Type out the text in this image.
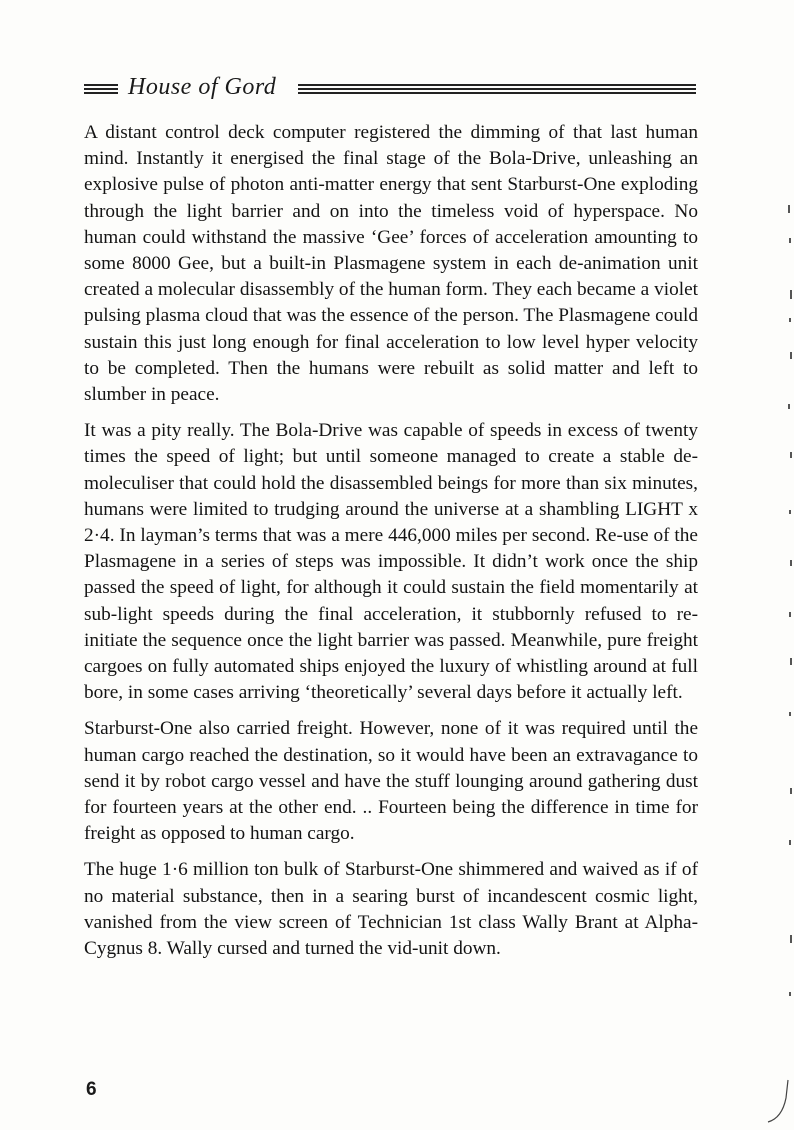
House of Gord

A distant control deck computer registered the dimming of that last human mind. Instantly it energised the final stage of the Bola-Drive, unleashing an explosive pulse of photon anti-matter energy that sent Starburst-One exploding through the light barrier and on into the timeless void of hyperspace. No human could withstand the massive ‘Gee’ forces of acceleration amounting to some 8000 Gee, but a built-in Plasmagene system in each de-animation unit created a molecular disassembly of the human form. They each became a violet pulsing plasma cloud that was the essence of the person. The Plasmagene could sustain this just long enough for final acceleration to low level hyper velocity to be completed. Then the humans were rebuilt as solid matter and left to slumber in peace.

It was a pity really. The Bola-Drive was capable of speeds in excess of twenty times the speed of light; but until someone managed to create a stable de-moleculiser that could hold the disassembled beings for more than six minutes, humans were limited to trudging around the universe at a shambling LIGHT x 2·4. In layman’s terms that was a mere 446,000 miles per second. Re-use of the Plasmagene in a series of steps was impossible. It didn’t work once the ship passed the speed of light, for although it could sustain the field momentarily at sub-light speeds during the final acceleration, it stubbornly refused to re-initiate the sequence once the light barrier was passed. Meanwhile, pure freight cargoes on fully automated ships enjoyed the luxury of whistling around at full bore, in some cases arriving ‘theoretically’ several days before it actually left.

Starburst-One also carried freight. However, none of it was required until the human cargo reached the destination, so it would have been an extravagance to send it by robot cargo vessel and have the stuff lounging around gathering dust for fourteen years at the other end. .. Fourteen being the difference in time for freight as opposed to human cargo.

The huge 1·6 million ton bulk of Starburst-One shimmered and waived as if of no material substance, then in a searing burst of incandescent cosmic light, vanished from the view screen of Technician 1st class Wally Brant at Alpha-Cygnus 8. Wally cursed and turned the vid-unit down.

6
